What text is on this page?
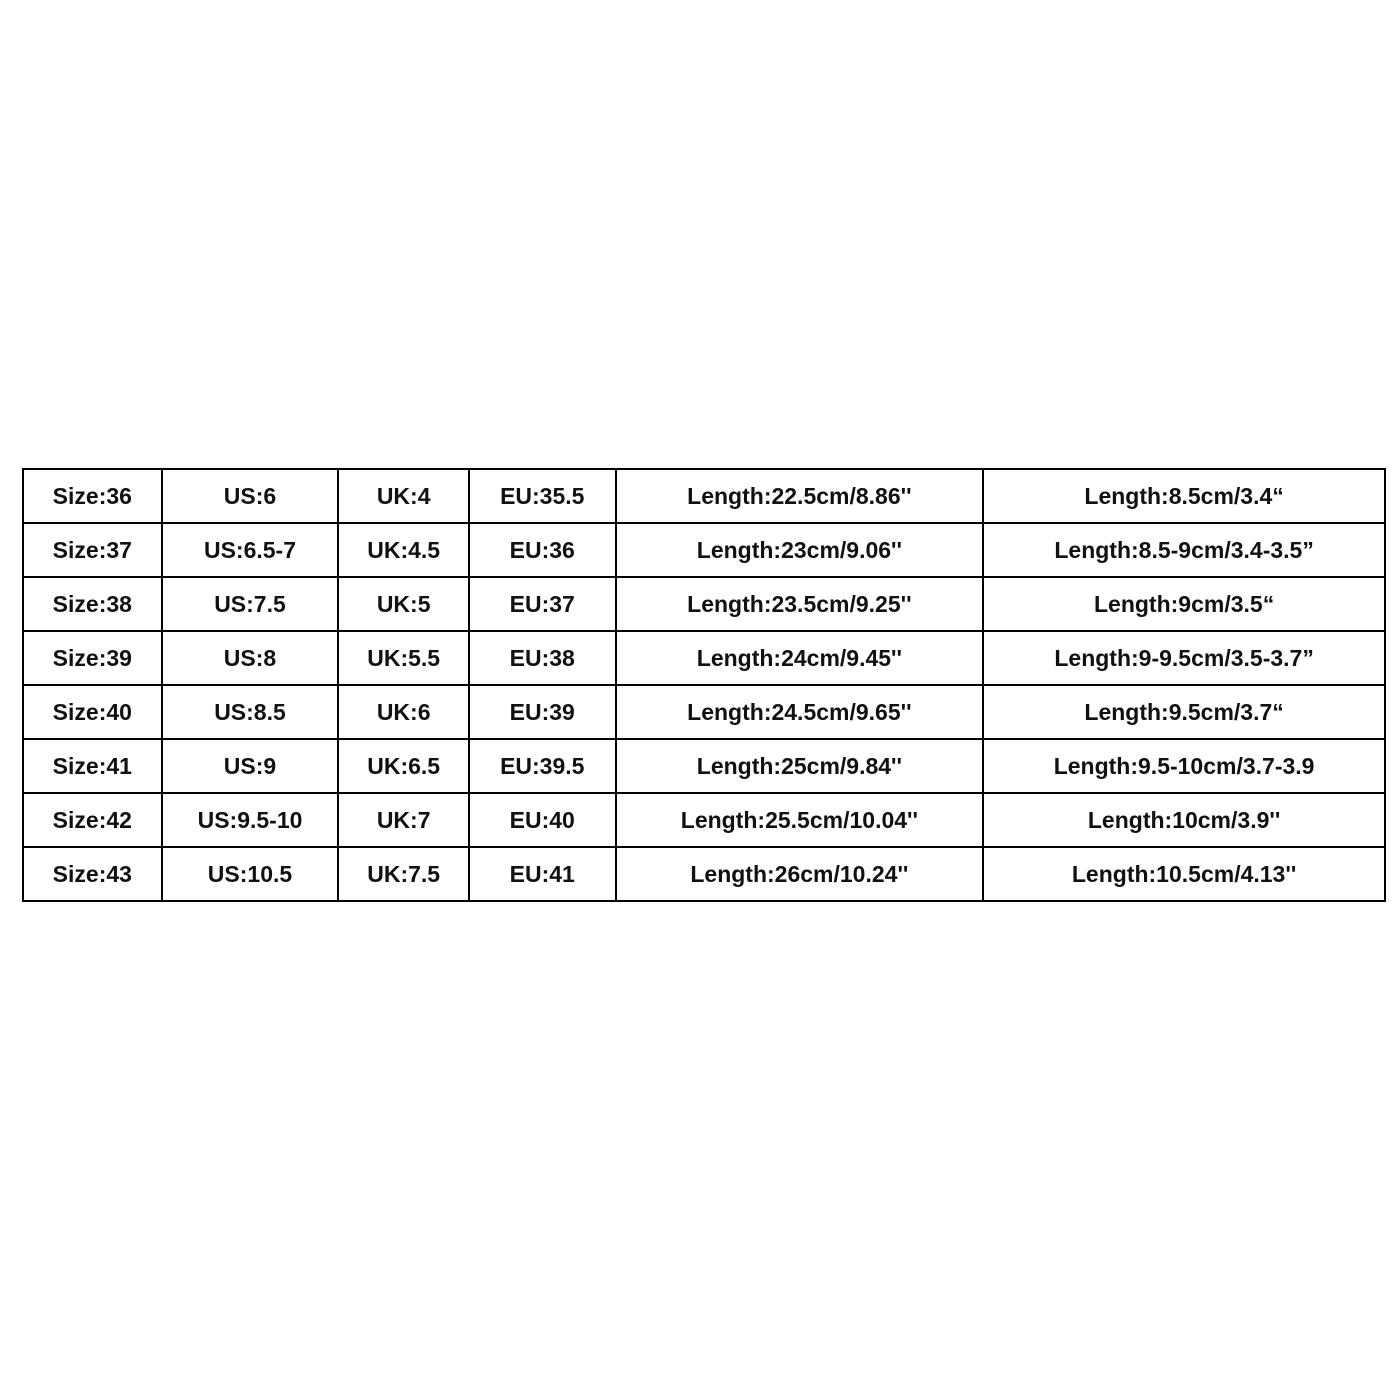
Size:36	US:6	UK:4	EU:35.5	Length:22.5cm/8.86''	Length:8.5cm/3.4“
Size:37	US:6.5-7	UK:4.5	EU:36	Length:23cm/9.06''	Length:8.5-9cm/3.4-3.5”
Size:38	US:7.5	UK:5	EU:37	Length:23.5cm/9.25''	Length:9cm/3.5“
Size:39	US:8	UK:5.5	EU:38	Length:24cm/9.45''	Length:9-9.5cm/3.5-3.7”
Size:40	US:8.5	UK:6	EU:39	Length:24.5cm/9.65''	Length:9.5cm/3.7“
Size:41	US:9	UK:6.5	EU:39.5	Length:25cm/9.84''	Length:9.5-10cm/3.7-3.9
Size:42	US:9.5-10	UK:7	EU:40	Length:25.5cm/10.04''	Length:10cm/3.9''
Size:43	US:10.5	UK:7.5	EU:41	Length:26cm/10.24''	Length:10.5cm/4.13''
